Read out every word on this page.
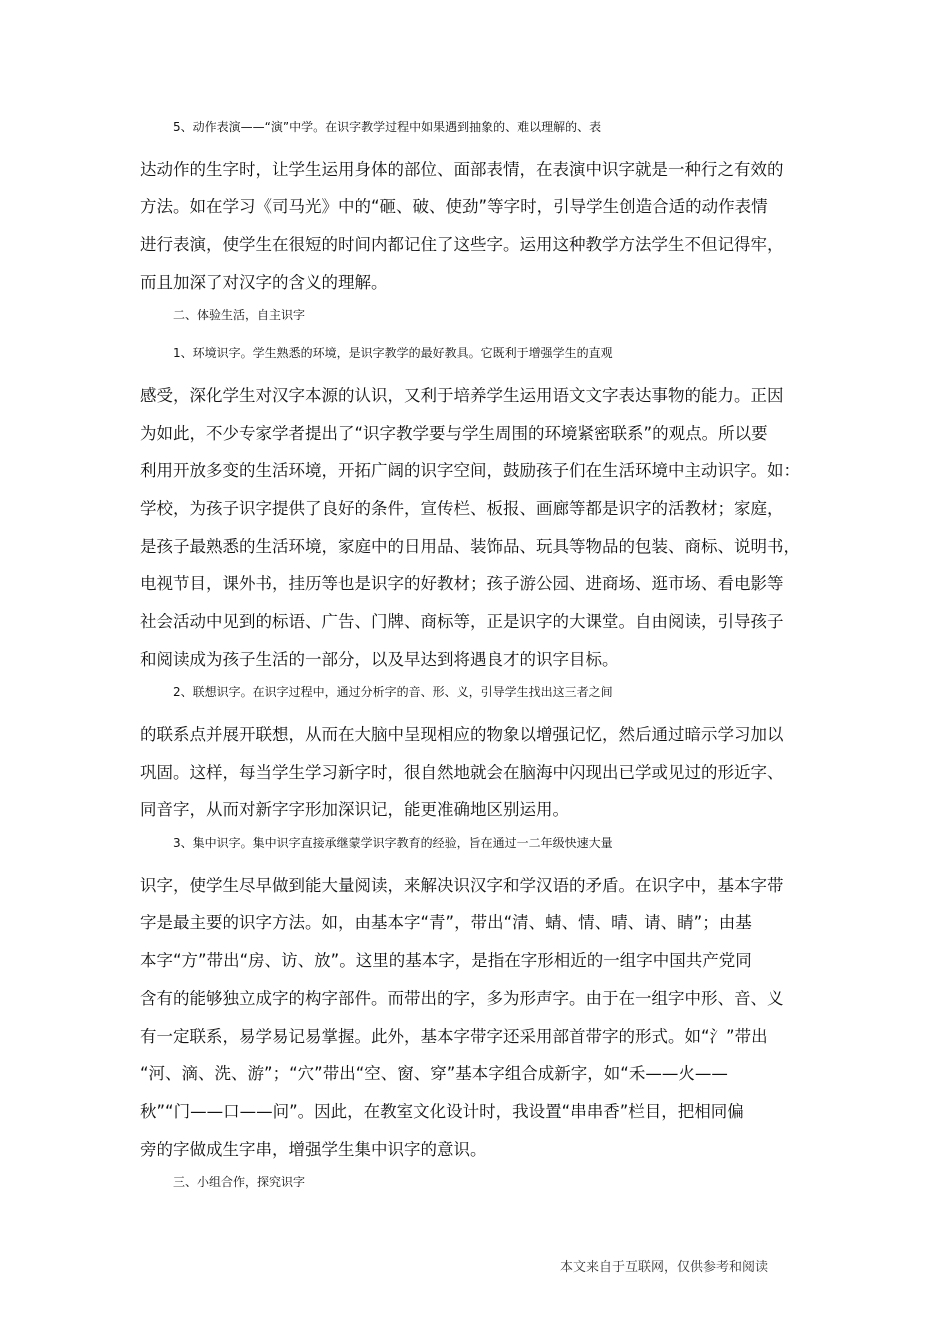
5、动作表演——“演”中学。在识字教学过程中如果遇到抽象的、难以理解的、表
达动作的生字时，让学生运用身体的部位、面部表情，在表演中识字就是一种行之有效的
方法。如在学习《司马光》中的“砸、破、使劲”等字时，引导学生创造合适的动作表情
进行表演，使学生在很短的时间内都记住了这些字。运用这种教学方法学生不但记得牢，
而且加深了对汉字的含义的理解。
二、体验生活，自主识字
1、环境识字。学生熟悉的环境，是识字教学的最好教具。它既利于增强学生的直观
感受，深化学生对汉字本源的认识，又利于培养学生运用语文文字表达事物的能力。正因
为如此，不少专家学者提出了“识字教学要与学生周围的环境紧密联系”的观点。所以要
利用开放多变的生活环境，开拓广阔的识字空间，鼓励孩子们在生活环境中主动识字。如：
学校，为孩子识字提供了良好的条件，宣传栏、板报、画廊等都是识字的活教材；家庭，
是孩子最熟悉的生活环境，家庭中的日用品、装饰品、玩具等物品的包装、商标、说明书，
电视节目，课外书，挂历等也是识字的好教材；孩子游公园、进商场、逛市场、看电影等
社会活动中见到的标语、广告、门牌、商标等，正是识字的大课堂。自由阅读，引导孩子
和阅读成为孩子生活的一部分，以及早达到将遇良才的识字目标。
2、联想识字。在识字过程中，通过分析字的音、形、义，引导学生找出这三者之间
的联系点并展开联想，从而在大脑中呈现相应的物象以增强记忆，然后通过暗示学习加以
巩固。这样，每当学生学习新字时，很自然地就会在脑海中闪现出已学或见过的形近字、
同音字，从而对新字字形加深识记，能更准确地区别运用。
3、集中识字。集中识字直接承继蒙学识字教育的经验，旨在通过一二年级快速大量
识字，使学生尽早做到能大量阅读，来解决识汉字和学汉语的矛盾。在识字中，基本字带
字是最主要的识字方法。如，由基本字“青”，带出“清、蜻、情、晴、请、睛”；由基
本字“方”带出“房、访、放”。这里的基本字，是指在字形相近的一组字中国共产党同
含有的能够独立成字的构字部件。而带出的字，多为形声字。由于在一组字中形、音、义
有一定联系，易学易记易掌握。此外，基本字带字还采用部首带字的形式。如“氵”带出
“河、滴、洗、游”；“穴”带出“空、窗、穿”基本字组合成新字，如“禾——火——
秋”“门——口——问”。因此，在教室文化设计时，我设置“串串香”栏目，把相同偏
旁的字做成生字串，增强学生集中识字的意识。
三、小组合作，探究识字
本文来自于互联网，仅供参考和阅读
